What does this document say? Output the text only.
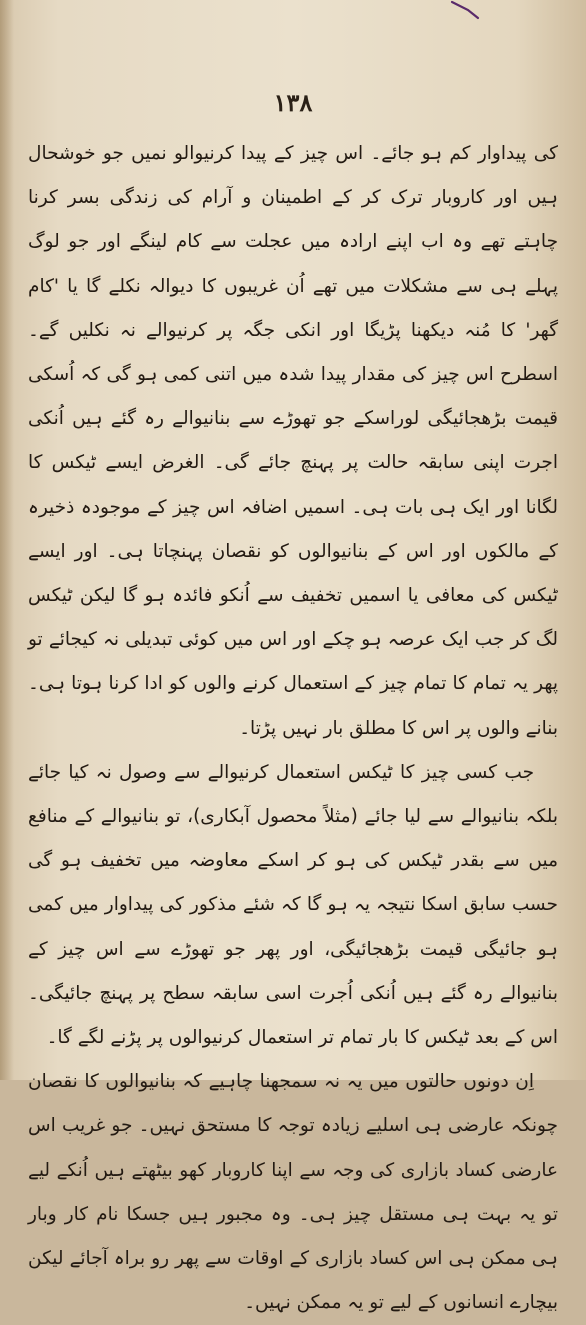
۱۳۸

کی پیداوار کم ہو جائے۔ اس چیز کے پیدا کرنیوالو نمیں جو خوشحال ہیں اور کاروبار ترک کر کے اطمینان و آرام کی زندگی بسر کرنا چاہتے تھے وہ اب اپنے ارادہ میں عجلت سے کام لینگے اور جو لوگ پہلے ہی سے مشکلات میں تھے اُن غریبوں کا دیوالہ نکلے گا یا 'کام گھر' کا مُنہ دیکھنا پڑیگا اور انکی جگہ پر کرنیوالے نہ نکلیں گے۔ اسطرح اس چیز کی مقدار پیدا شدہ میں اتنی کمی ہو گی کہ اُسکی قیمت بڑھجائیگی لوراسکے جو تھوڑے سے بنانیوالے رہ گئے ہیں اُنکی اجرت اپنی سابقہ حالت پر پہنچ جائے گی۔ الغرض ایسے ٹیکس کا لگانا اور ایک ہی بات ہی۔ اسمیں اضافہ اس چیز کے موجودہ ذخیرہ کے مالکوں اور اس کے بنانیوالوں کو نقصان پہنچاتا ہی۔ اور ایسے ٹیکس کی معافی یا اسمیں تخفیف سے اُنکو فائدہ ہو گا لیکن ٹیکس لگ کر جب ایک عرصہ ہو چکے اور اس میں کوئی تبدیلی نہ کیجائے تو پھر یہ تمام کا تمام چیز کے استعمال کرنے والوں کو ادا کرنا ہوتا ہی۔ بنانے والوں پر اس کا مطلق بار نہیں پڑتا۔

جب کسی چیز کا ٹیکس استعمال کرنیوالے سے وصول نہ کیا جائے بلکہ بنانیوالے سے لیا جائے (مثلاً محصول آبکاری)، تو بنانیوالے کے منافع میں سے بقدر ٹیکس کی ہو کر اسکے معاوضہ میں تخفیف ہو گی حسب سابق اسکا نتیجہ یہ ہو گا کہ شئے مذکور کی پیداوار میں کمی ہو جائیگی قیمت بڑھجائیگی، اور پھر جو تھوڑے سے اس چیز کے بنانیوالے رہ گئے ہیں اُنکی اُجرت اسی سابقہ سطح پر پہنچ جائیگی۔ اس کے بعد ٹیکس کا بار تمام تر استعمال کرنیوالوں پر پڑنے لگے گا۔

اِن دونوں حالتوں میں یہ نہ سمجھنا چاہیے کہ بنانیوالوں کا نقصان چونکہ عارضی ہی اسلیے زیادہ توجہ کا مستحق نہیں۔ جو غریب اس عارضی کساد بازاری کی وجہ سے اپنا کاروبار کھو بیٹھتے ہیں اُنکے لیے تو یہ بہت ہی مستقل چیز ہی۔ وہ مجبور ہیں جسکا نام کار وبار ہی ممکن ہی اس کساد بازاری کے اوقات سے پھر رو براہ آجائے لیکن بیچارے انسانوں کے لیے تو یہ ممکن نہیں۔
